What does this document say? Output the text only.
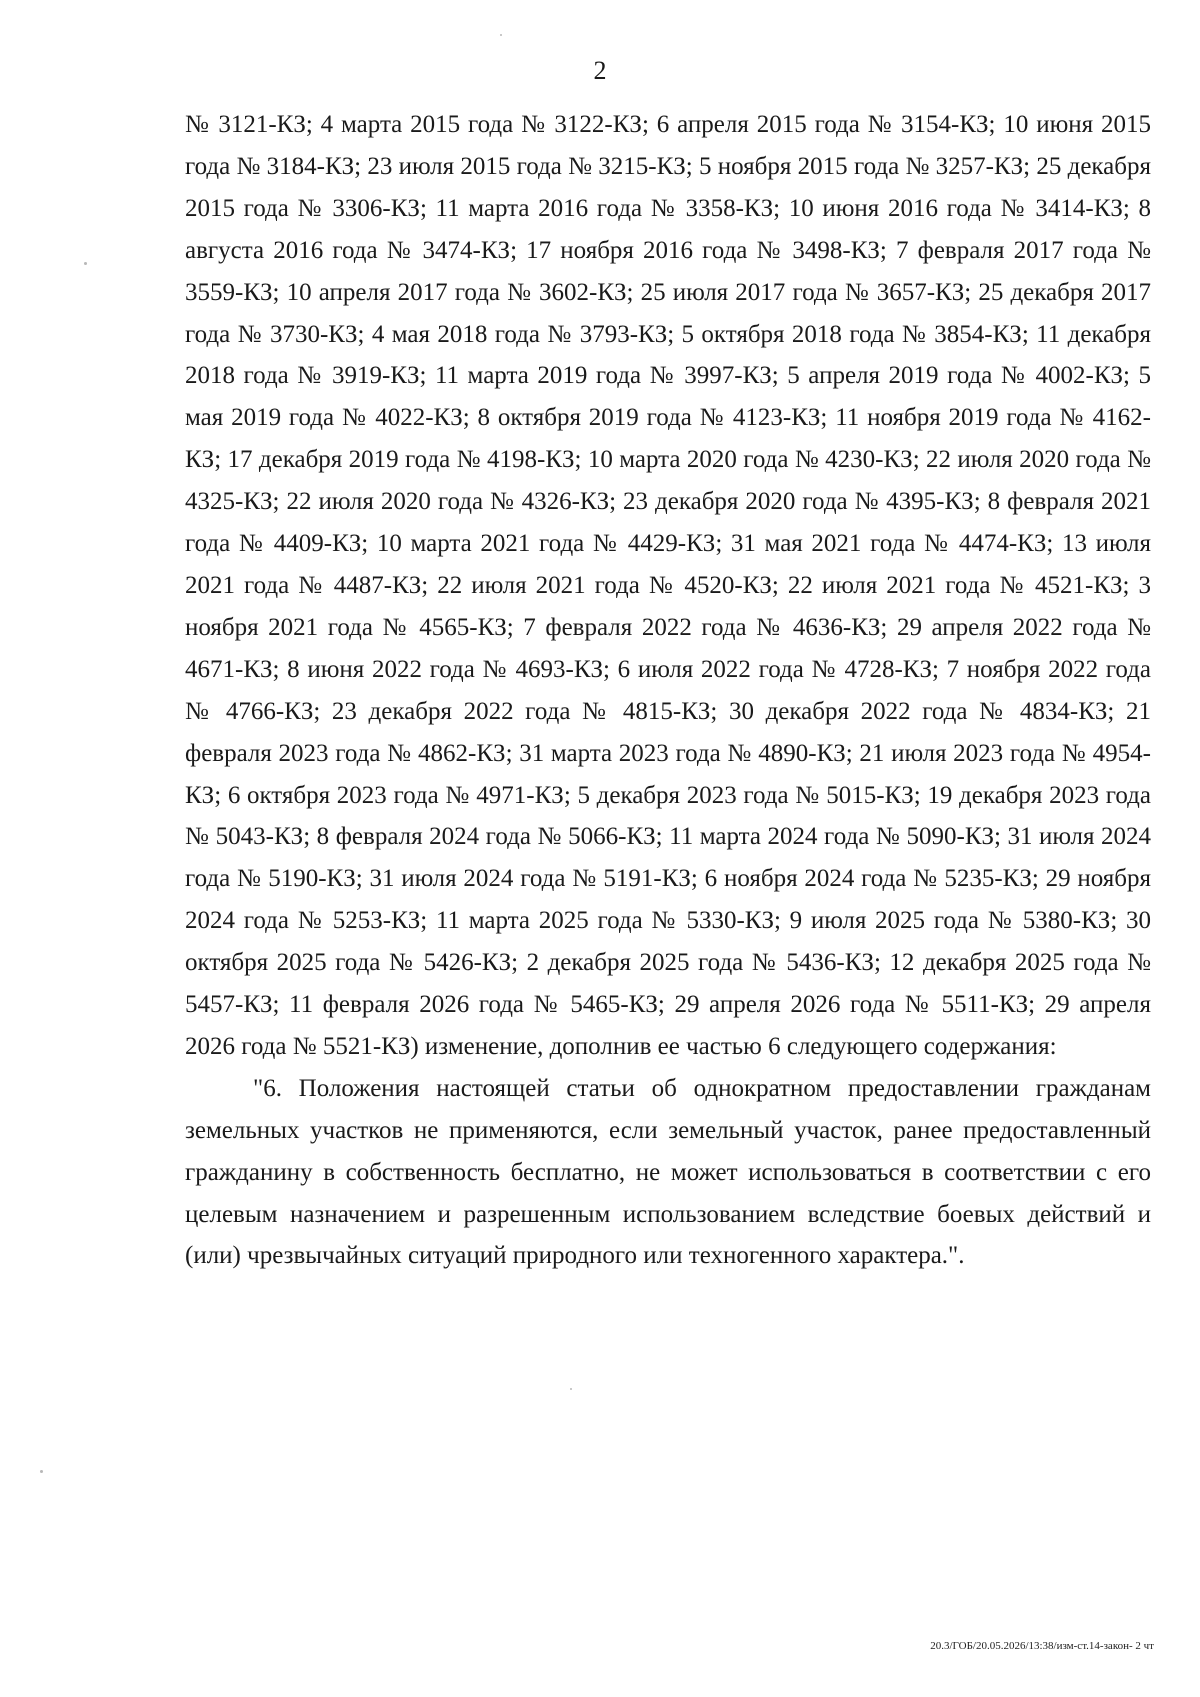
2

№ 3121-КЗ; 4 марта 2015 года № 3122-КЗ; 6 апреля 2015 года № 3154-КЗ; 10 июня 2015 года № 3184-КЗ; 23 июля 2015 года № 3215-КЗ; 5 ноября 2015 года № 3257-КЗ; 25 декабря 2015 года № 3306-КЗ; 11 марта 2016 года № 3358-КЗ; 10 июня 2016 года № 3414-КЗ; 8 августа 2016 года № 3474-КЗ; 17 ноября 2016 года № 3498-КЗ; 7 февраля 2017 года № 3559-КЗ; 10 апреля 2017 года № 3602-КЗ; 25 июля 2017 года № 3657-КЗ; 25 декабря 2017 года № 3730-КЗ; 4 мая 2018 года № 3793-КЗ; 5 октября 2018 года № 3854-КЗ; 11 декабря 2018 года № 3919-КЗ; 11 марта 2019 года № 3997-КЗ; 5 апреля 2019 года № 4002-КЗ; 5 мая 2019 года № 4022-КЗ; 8 октября 2019 года № 4123-КЗ; 11 ноября 2019 года № 4162-КЗ; 17 декабря 2019 года № 4198-КЗ; 10 марта 2020 года № 4230-КЗ; 22 июля 2020 года № 4325-КЗ; 22 июля 2020 года № 4326-КЗ; 23 декабря 2020 года № 4395-КЗ; 8 февраля 2021 года № 4409-КЗ; 10 марта 2021 года № 4429-КЗ; 31 мая 2021 года № 4474-КЗ; 13 июля 2021 года № 4487-КЗ; 22 июля 2021 года № 4520-КЗ; 22 июля 2021 года № 4521-КЗ; 3 ноября 2021 года № 4565-КЗ; 7 февраля 2022 года № 4636-КЗ; 29 апреля 2022 года № 4671-КЗ; 8 июня 2022 года № 4693-КЗ; 6 июля 2022 года № 4728-КЗ; 7 ноября 2022 года № 4766-КЗ; 23 декабря 2022 года № 4815-КЗ; 30 декабря 2022 года № 4834-КЗ; 21 февраля 2023 года № 4862-КЗ; 31 марта 2023 года № 4890-КЗ; 21 июля 2023 года № 4954-КЗ; 6 октября 2023 года № 4971-КЗ; 5 декабря 2023 года № 5015-КЗ; 19 декабря 2023 года № 5043-КЗ; 8 февраля 2024 года № 5066-КЗ; 11 марта 2024 года № 5090-КЗ; 31 июля 2024 года № 5190-КЗ; 31 июля 2024 года № 5191-КЗ; 6 ноября 2024 года № 5235-КЗ; 29 ноября 2024 года № 5253-КЗ; 11 марта 2025 года № 5330-КЗ; 9 июля 2025 года № 5380-КЗ; 30 октября 2025 года № 5426-КЗ; 2 декабря 2025 года № 5436-КЗ; 12 декабря 2025 года № 5457-КЗ; 11 февраля 2026 года № 5465-КЗ; 29 апреля 2026 года № 5511-КЗ; 29 апреля 2026 года № 5521-КЗ) изменение, дополнив ее частью 6 следующего содержания:

"6. Положения настоящей статьи об однократном предоставлении гражданам земельных участков не применяются, если земельный участок, ранее предоставленный гражданину в собственность бесплатно, не может использоваться в соответствии с его целевым назначением и разрешенным использованием вследствие боевых действий и (или) чрезвычайных ситуаций природного или техногенного характера.".

20.3/ГОБ/20.05.2026/13:38/изм-ст.14-закон- 2 чт
